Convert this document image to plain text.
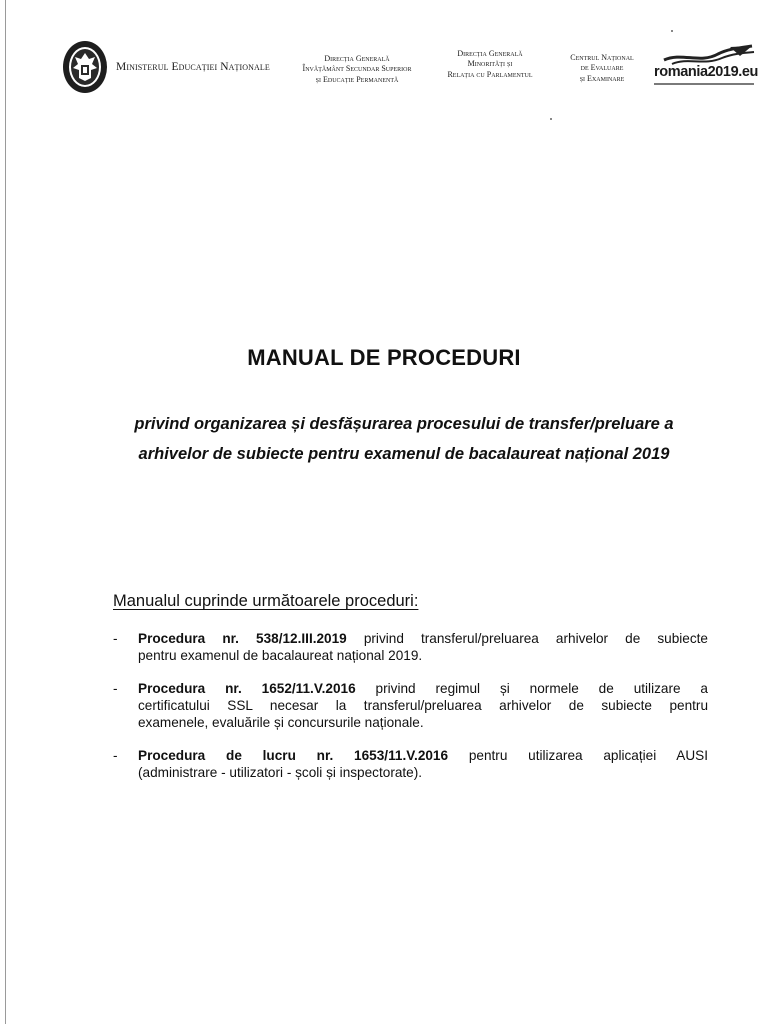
Ministerul Educației Naționale
Direcția Generală
Învățământ Secundar Superior
și Educație Permanentă
Direcția Generală
Minorități și
Relația cu Parlamentul
Centrul Național
de Evaluare
și Examinare	romania2019.eu
MANUAL DE PROCEDURI

privind organizarea și desfășurarea procesului de transfer/preluare a
arhivelor de subiecte pentru examenul de bacalaureat național 2019

Manualul cuprinde următoarele proceduri:

- Procedura nr. 538/12.III.2019 privind transferul/preluarea arhivelor de subiecte
pentru examenul de bacalaureat național 2019.
- Procedura nr. 1652/11.V.2016 privind regimul și normele de utilizare a
certificatului SSL necesar la transferul/preluarea arhivelor de subiecte pentru
examenele, evaluările și concursurile naționale.
- Procedura de lucru nr. 1653/11.V.2016 pentru utilizarea aplicației AUSI
(administrare - utilizatori - școli și inspectorate).
